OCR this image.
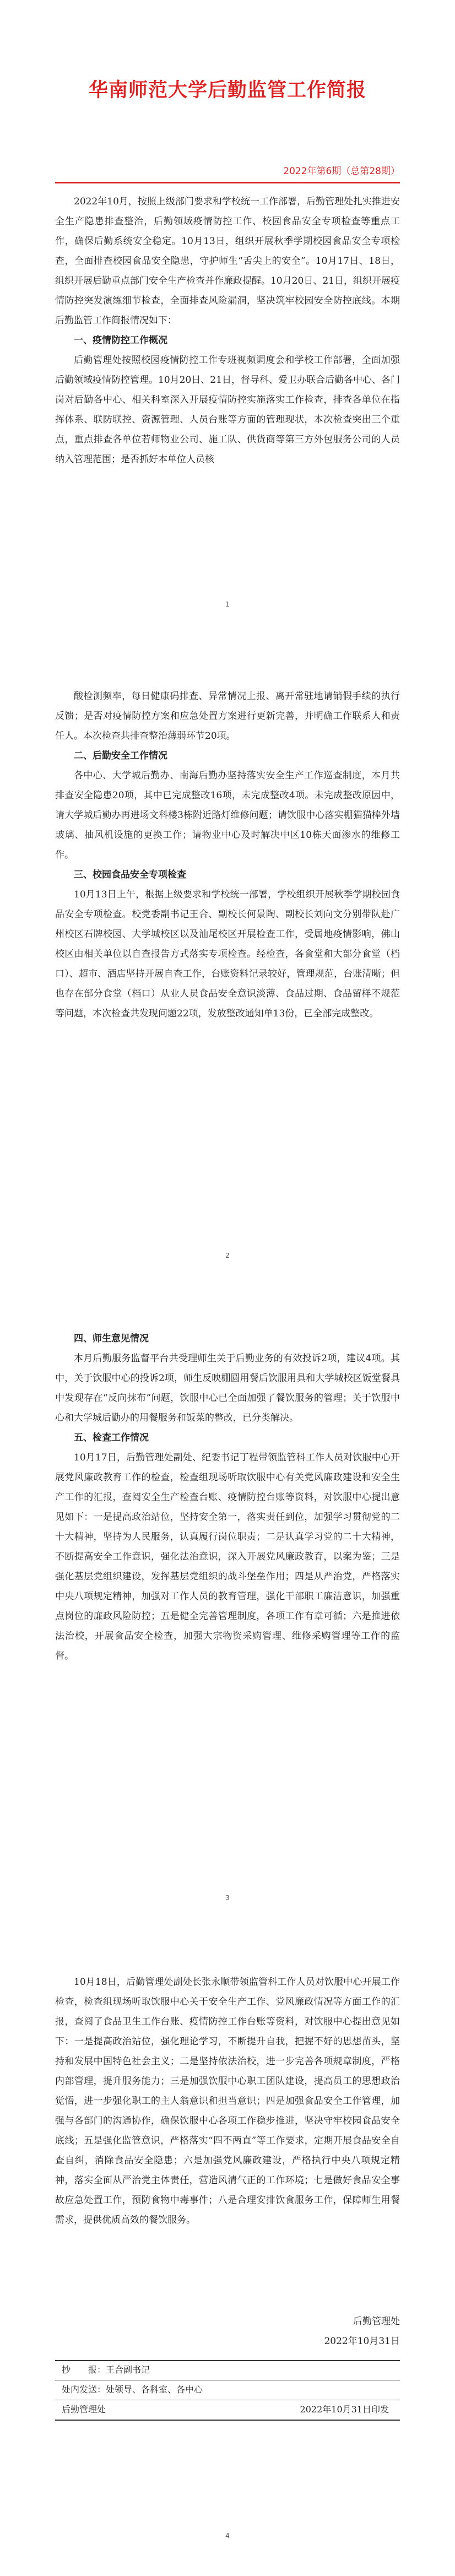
华南师范大学后勤监管工作简报
2022年第6期（总第28期）

2022年10月，按照上级部门要求和学校统一工作部署，后勤管理处扎实推进安全生产隐患排查整治，后勤领域疫情防控工作、校园食品安全专项检查等重点工作，确保后勤系统安全稳定。10月13日，组织开展秋季学期校园食品安全专项检查，全面排查校园食品安全隐患，守护师生“舌尖上的安全”。10月17日、18日，组织开展后勤重点部门安全生产检查并作廉政提醒。10月20日、21日，组织开展疫情防控突发演练细节检查，全面排查风险漏洞，坚决筑牢校园安全防控底线。本期后勤监管工作简报情况如下：

一、疫情防控工作概况

后勤管理处按照校园疫情防控工作专班视频调度会和学校工作部署，全面加强后勤领域疫情防控管理。10月20日、21日，督导科、爱卫办联合后勤各中心、各门岗对后勤各中心、相关科室深入开展疫情防控实施落实工作检查，排查各单位在指挥体系、联防联控、资源管理、人员台账等方面的管理现状，本次检查突出三个重点，重点排查各单位若师物业公司、施工队、供货商等第三方外包服务公司的人员纳入管理范围；是否抓好本单位人员核

1

酸检测频率，每日健康码排查、异常情况上报、离开常驻地请销假手续的执行反馈；是否对疫情防控方案和应急处置方案进行更新完善，并明确工作联系人和责任人。本次检查共排查整治薄弱环节20项。

二、后勤安全工作情况

各中心、大学城后勤办、南海后勤办坚持落实安全生产工作巡查制度，本月共排查安全隐患20项，其中已完成整改16项，未完成整改4项。未完成整改原因中，请大学城后勤办再进场文科楼3栋附近路灯维修问题；请饮服中心落实棚猫猫棒外墙玻璃、抽风机设施的更换工作；请物业中心及时解决中区10栋天面渗水的维修工作。

三、校园食品安全专项检查

10月13日上午，根据上级要求和学校统一部署，学校组织开展秋季学期校园食品安全专项检查。校党委副书记王合、副校长何景陶、副校长刘向文分别带队赴广州校区石牌校园、大学城校区以及汕尾校区开展检查工作，受属地疫情影响，佛山校区由相关单位以自查报告方式落实专项检查。经检查，各食堂和大部分食堂（档口）、超市、酒店坚持开展自查工作，台账资料记录较好，管理规范，台账清晰；但也存在部分食堂（档口）从业人员食品安全意识淡薄、食品过期、食品留样不规范等问题，本次检查共发现问题22项，发放整改通知单13份，已全部完成整改。

2
四、师生意见情况

本月后勤服务监督平台共受理师生关于后勤业务的有效投诉2项，建议4项。其中，关于饮服中心的投诉2项，师生反映棚圆用餐后饮服用具和大学城校区饭堂餐具中发现存在“反向抹布”问题，饮服中心已全面加强了餐饮服务的管理；关于饮服中心和大学城后勤办的用餐服务和饭菜的整改，已分类解决。

五、检查工作情况

10月17日，后勤管理处副处、纪委书记丁程带领监管科工作人员对饮服中心开展党风廉政教育工作的检查，检查组现场听取饮服中心有关党风廉政建设和安全生产工作的汇报，查阅安全生产检查台账、疫情防控台账等资料，对饮服中心提出意见如下：一是提高政治站位，坚持安全第一，落实责任到位，加强学习贯彻党的二十大精神，坚持为人民服务，认真履行岗位职责；二是认真学习党的二十大精神，不断提高安全工作意识，强化法治意识，深入开展党风廉政教育，以案为鉴；三是强化基层党组织建设，发挥基层党组织的战斗堡垒作用；四是从严治党，严格落实中央八项规定精神，加强对工作人员的教育管理，强化干部职工廉洁意识，加强重点岗位的廉政风险防控；五是健全完善管理制度，各项工作有章可循；六是推进依法治校，开展食品安全检查，加强大宗物资采购管理、维修采购管理等工作的监督。

3

10月18日，后勤管理处副处长张永顺带领监管科工作人员对饮服中心开展工作检查，检查组现场听取饮服中心关于安全生产工作、党风廉政情况等方面工作的汇报，查阅了食品卫生工作台账、疫情防控工作台账等资料，对饮服中心提出意见如下：一是提高政治站位，强化理论学习，不断提升自我，把握不好的思想苗头，坚持和发展中国特色社会主义；二是坚持依法治校，进一步完善各项规章制度，严格内部管理，提升服务能力；三是加强饮服中心职工团队建设，提高员工的思想政治觉悟，进一步强化职工的主人翁意识和担当意识；四是加强食品安全工作管理，加强与各部门的沟通协作，确保饮服中心各项工作稳步推进，坚决守牢校园食品安全底线；五是强化监管意识，严格落实“四不两直”等工作要求，定期开展食品安全自查自纠，消除食品安全隐患；六是加强党风廉政建设，严格执行中央八项规定精神，落实全面从严治党主体责任，营造风清气正的工作环境；七是做好食品安全事故应急处置工作，预防食物中毒事件；八是合理安排饮食服务工作，保障师生用餐需求，提供优质高效的餐饮服务。

后勤管理处
2022年10月31日
抄　　报：王合副书记
处内发送：处领导、各科室、各中心
后勤管理处	2022年10月31日印发
4
